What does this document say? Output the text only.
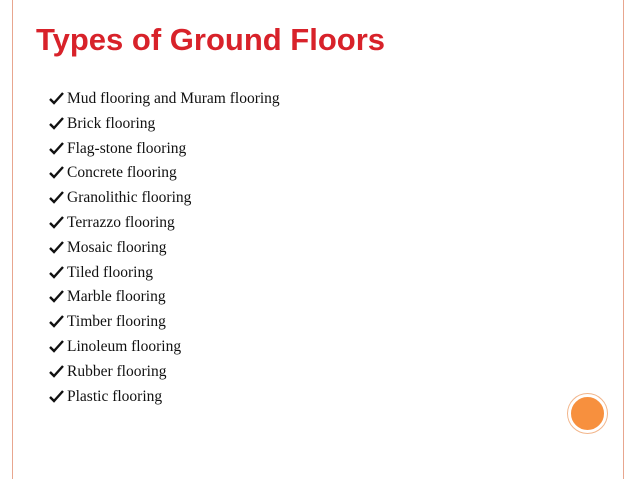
Types of Ground Floors
Mud flooring and Muram flooring
Brick flooring
Flag-stone flooring
Concrete flooring
Granolithic flooring
Terrazzo flooring
Mosaic flooring
Tiled flooring
Marble flooring
Timber flooring
Linoleum flooring
Rubber flooring
Plastic flooring
